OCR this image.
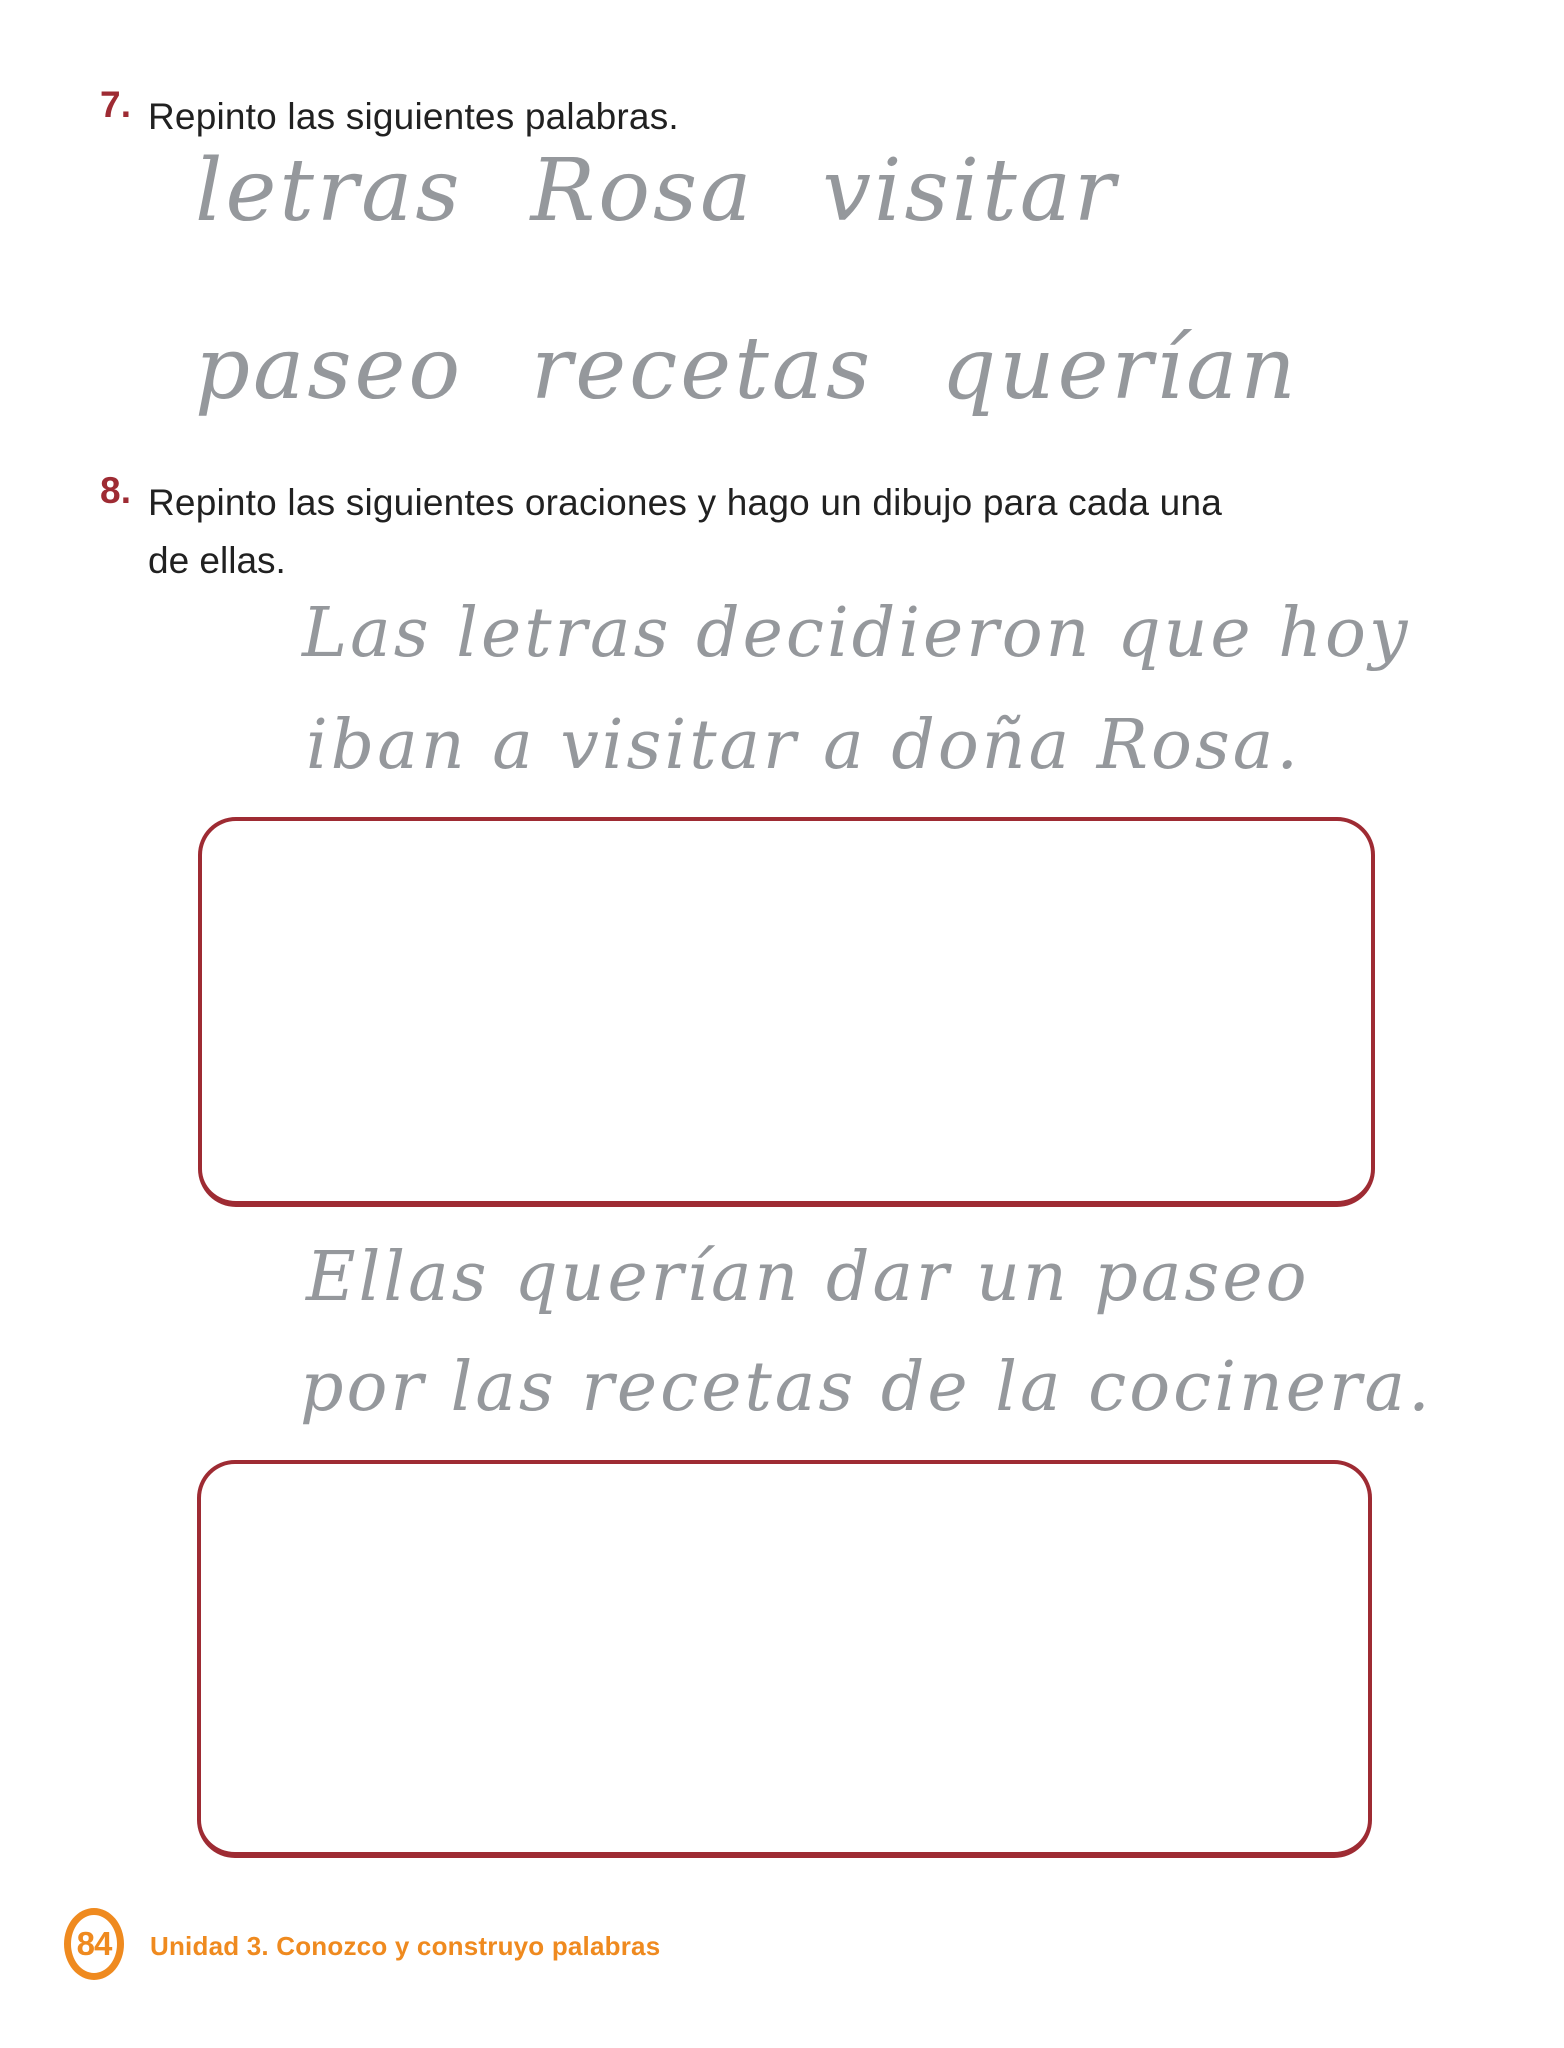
7. Repinto las siguientes palabras.
letras Rosa visitar
paseo recetas querían
8. Repinto las siguientes oraciones y hago un dibujo para cada una
de ellas.
Las letras decidieron que hoy
iban a visitar a doña Rosa.
Ellas querían dar un paseo
por las recetas de la cocinera.
84 Unidad 3. Conozco y construyo palabras
